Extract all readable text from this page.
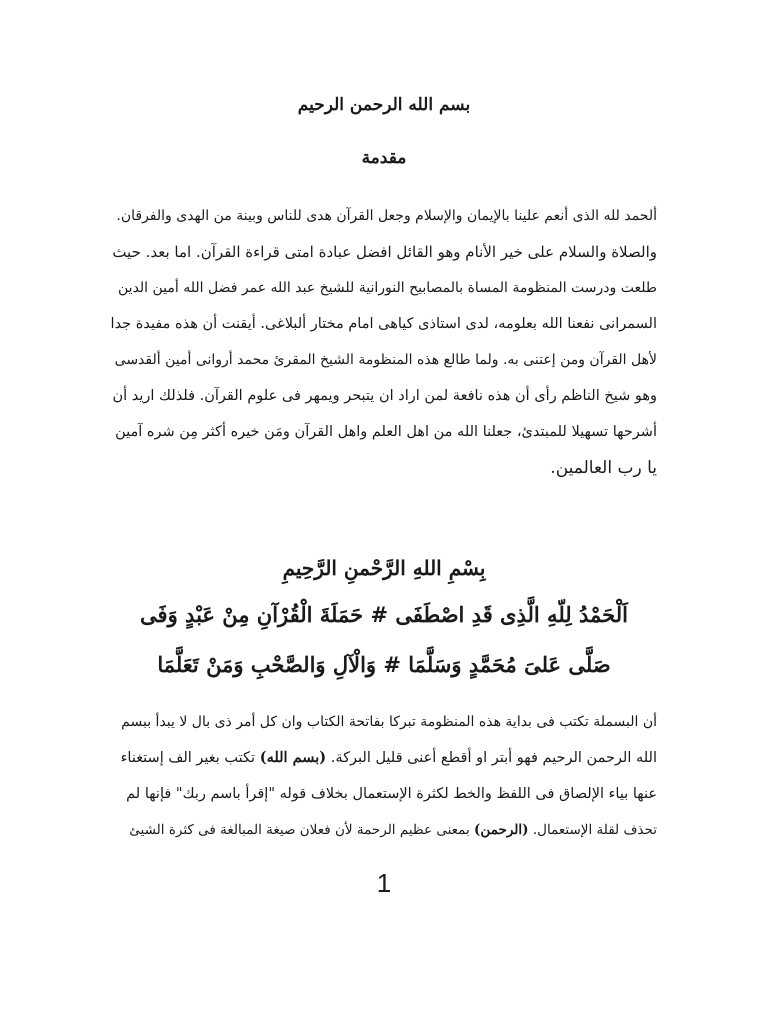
بسم الله الرحمن الرحيم
مقدمة
ألحمد لله الذى أنعم علينا بالإيمان والإسلام وجعل القرآن هدى للناس وبينة من الهدى والفرقان.
والصلاة والسلام على خير الأنام وهو القائل افضل عبادة امتى قراءة القرآن. اما بعد. حيث
طلعت ودرست المنظومة المساة بالمصابيح النورانية للشيخ عبد الله عمر فضل الله أمين الدين
السمرانى نفعنا الله بعلومه، لدى استاذى كياهى امام مختار ألبلاغى. أيقنت أن هذه مفيدة جدا
لأهل القرآن ومن إعتنى به. ولما طالع هذه المنظومة الشيخ المقرئ محمد أروانى أمين ألقدسى
وهو شيخ الناظم رأى أن هذه نافعة لمن اراد ان يتبحر ويمهر فى علوم القرآن. فلذلك اريد أن
أشرحها تسهيلا للمبتدئ، جعلنا الله من اهل العلم واهل القرآن ومَن خيره أكثر مِن شره آمين
يا رب العالمين.
بِسْمِ اللهِ الرَّحْمنِ الرَّحِيمِ
اَلْحَمْدُ لِلّهِ الَّذِى قَدِ اصْطَفَى # حَمَلَةَ الْقُرْآنِ مِنْ عَبْدٍ وَفَى
صَلَّى عَلىَ مُحَمَّدٍ وَسَلَّمَا # وَالْآلِ وَالصَّحْبِ وَمَنْ تَعَلَّمَا
أن البسملة تكتب فى بداية هذه المنظومة تبركا بفاتحة الكتاب وان كل أمر ذى بال لا يبدأ ببسم
الله الرحمن الرحيم فهو أبتر او أقطع أعنى قليل البركة. (بسم الله) تكتب بغير الف إستغناء
عنها بياء الإلصاق فى اللفظ والخط لكثرة الإستعمال بخلاف قوله "إقرأ باسم ربك" فإنها لم
تحذف لقلة الإستعمال. (الرحمن) بمعنى عظيم الرحمة لأن فعلان صيغة المبالغة فى كثرة الشيئ
1
